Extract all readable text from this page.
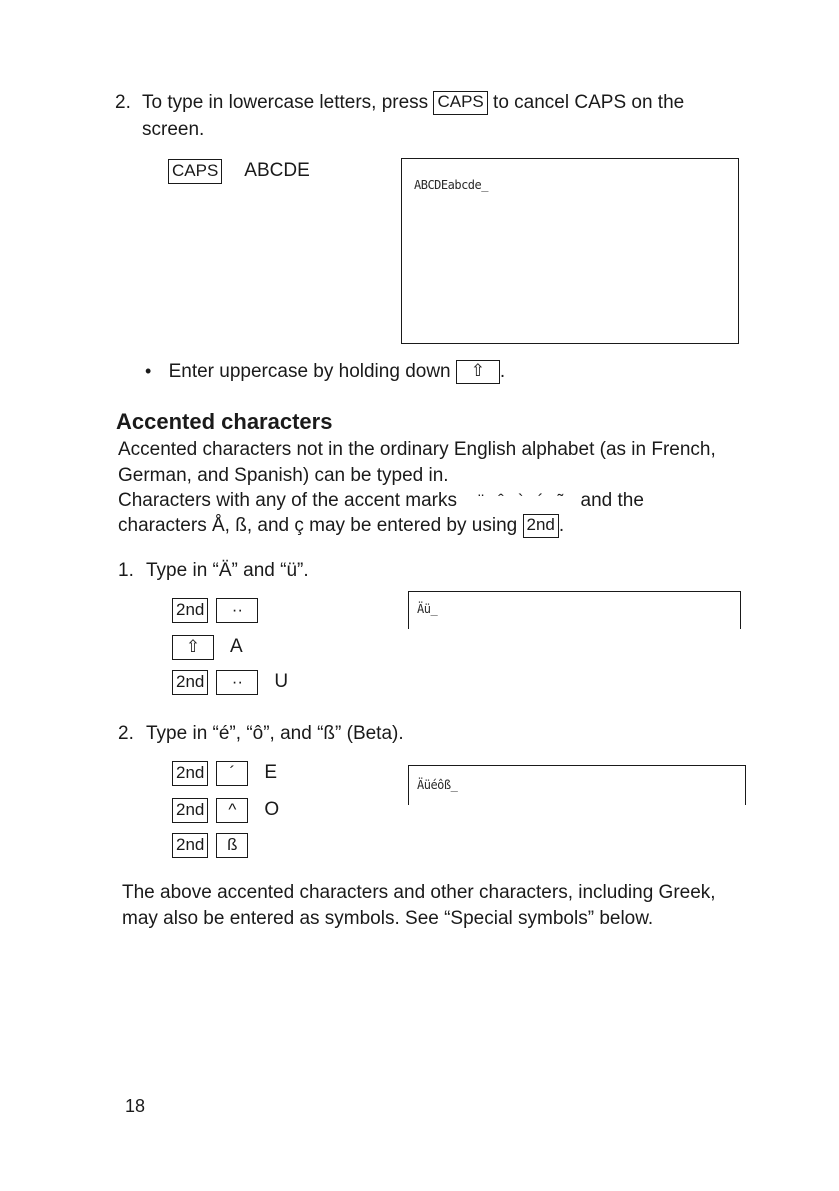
2. To type in lowercase letters, press CAPS to cancel CAPS on the
screen.
CAPS ABCDE
ABCDEabcde_
• Enter uppercase by holding down ⇧ .
Accented characters
Accented characters not in the ordinary English alphabet (as in French,
German, and Spanish) can be typed in.
Characters with any of the accent marks ¨   ˆ   `   ´   ˜ and the
characters Å, ß, and ç may be entered by using 2nd .
1. Type in “Ä” and “ü”.
2nd	··
⇧	A
2nd	··	U
Äü_
2. Type in “é”, “ô”, and “ß” (Beta).
2nd	´	E
2nd	^	O
2nd	ß
Äüéôß_
The above accented characters and other characters, including Greek,
may also be entered as symbols. See “Special symbols” below.
18
